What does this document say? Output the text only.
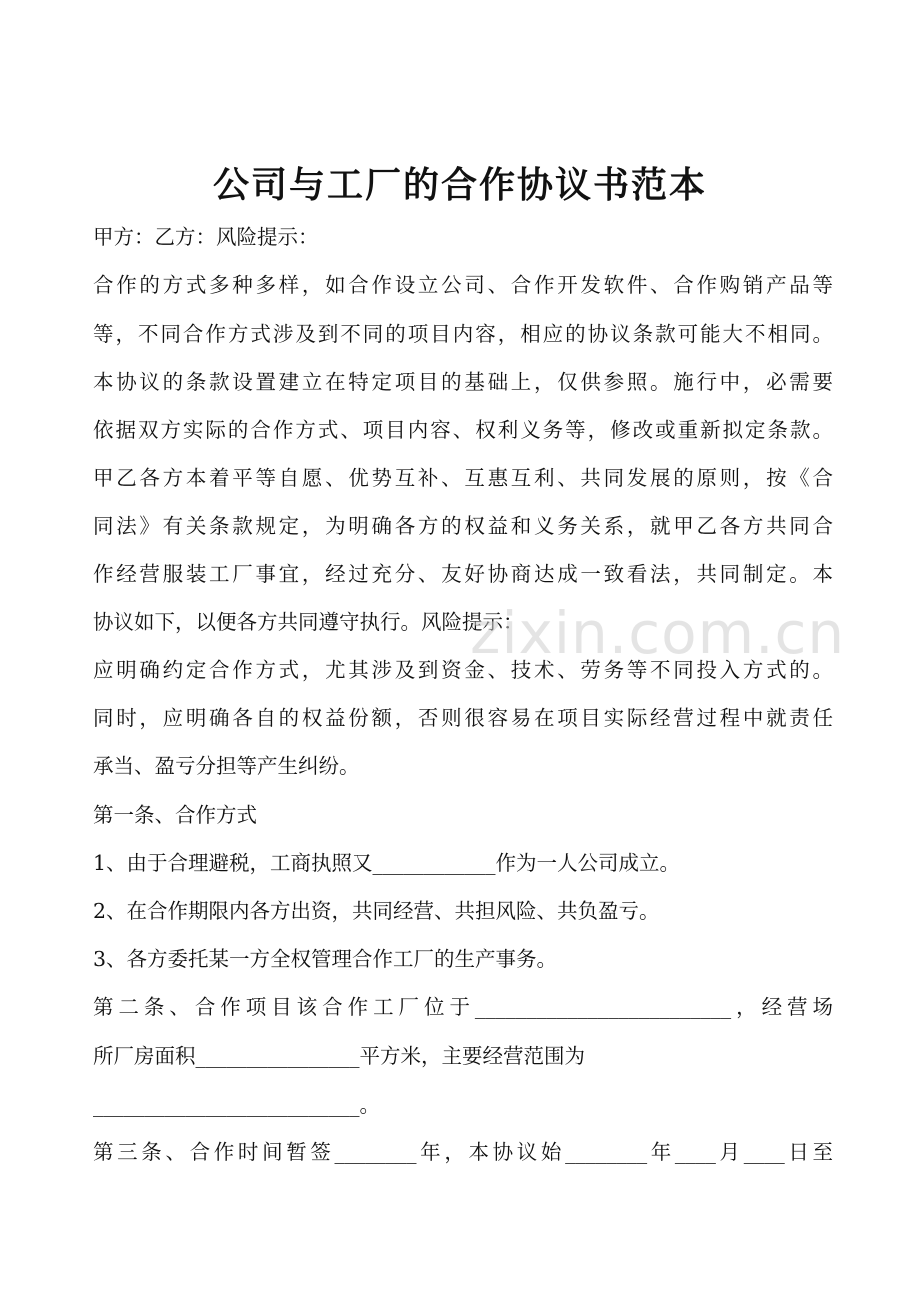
公司与工厂的合作协议书范本
甲方：乙方：风险提示：
合作的方式多种多样，如合作设立公司、合作开发软件、合作购销产品等
等，不同合作方式涉及到不同的项目内容，相应的协议条款可能大不相同。
本协议的条款设置建立在特定项目的基础上，仅供参照。施行中，必需要
依据双方实际的合作方式、项目内容、权利义务等，修改或重新拟定条款。
甲乙各方本着平等自愿、优势互补、互惠互利、共同发展的原则，按《合
同法》有关条款规定，为明确各方的权益和义务关系，就甲乙各方共同合
作经营服装工厂事宜，经过充分、友好协商达成一致看法，共同制定。本
协议如下，以便各方共同遵守执行。风险提示：
应明确约定合作方式，尤其涉及到资金、技术、劳务等不同投入方式的。
同时，应明确各自的权益份额，否则很容易在项目实际经营过程中就责任
承当、盈亏分担等产生纠纷。
第一条、合作方式
1、由于合理避税，工商执照又____________作为一人公司成立。
2、在合作期限内各方出资，共同经营、共担风险、共负盈亏。
3、各方委托某一方全权管理合作工厂的生产事务。
第二条、合作项目该合作工厂位于_________________________，经营场
所厂房面积________________平方米，主要经营范围为
__________________________。
第三条、合作时间暂签________年，本协议始________年____月____日至
zixin.com.cn
